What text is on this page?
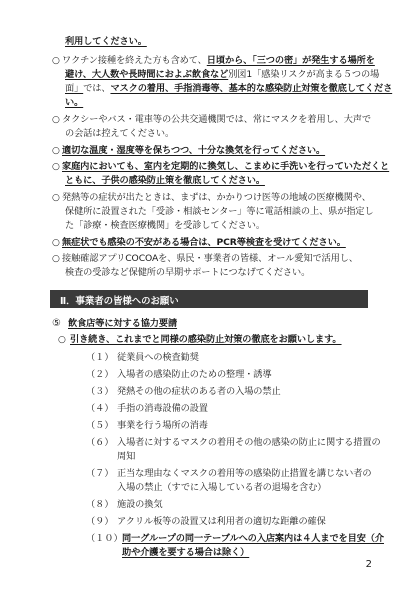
利用してください。
○ ワクチン接種を終えた方も含めて、日頃から、「三つの密」が発生する場所を
避け、大人数や長時間におよぶ飲食など別図1「感染リスクが高まる５つの場
面」では、マスクの着用、手指消毒等、基本的な感染防止対策を徹底してくださ
い。
○ タクシーやバス・電車等の公共交通機関では、常にマスクを着用し、大声で
の会話は控えてください。
○ 適切な温度・湿度等を保ちつつ、十分な換気を行ってください。
○ 家庭内においても、室内を定期的に換気し、こまめに手洗いを行っていただくと
ともに、子供の感染防止策を徹底してください。
○ 発熱等の症状が出たときは、まずは、かかりつけ医等の地域の医療機関や、
保健所に設置された「受診・相談センター」等に電話相談の上、県が指定し
た「診療・検査医療機関」を受診してください。
○ 無症状でも感染の不安がある場合は、PCR等検査を受けてください。
○ 接触確認アプリCOCOAを、県民・事業者の皆様、オール愛知で活用し、
検査の受診など保健所の早期サポートにつなげてください。
Ⅱ．事業者の皆様へのお願い
⑤ 飲食店等に対する協力要請
○ 引き続き、これまでと同様の感染防止対策の徹底をお願いします。
（１） 従業員への検査勧奨
（２） 入場者の感染防止のための整理・誘導
（３） 発熱その他の症状のある者の入場の禁止
（４） 手指の消毒設備の設置
（５） 事業を行う場所の消毒
（６） 入場者に対するマスクの着用その他の感染の防止に関する措置の
周知
（７） 正当な理由なくマスクの着用等の感染防止措置を講じない者の
入場の禁止（すでに入場している者の退場を含む）
（８） 施設の換気
（９） アクリル板等の設置又は利用者の適切な距離の確保
（１０） 同一グループの同一テーブルへの入店案内は４人までを目安（介
助や介護を要する場合は除く）
2
